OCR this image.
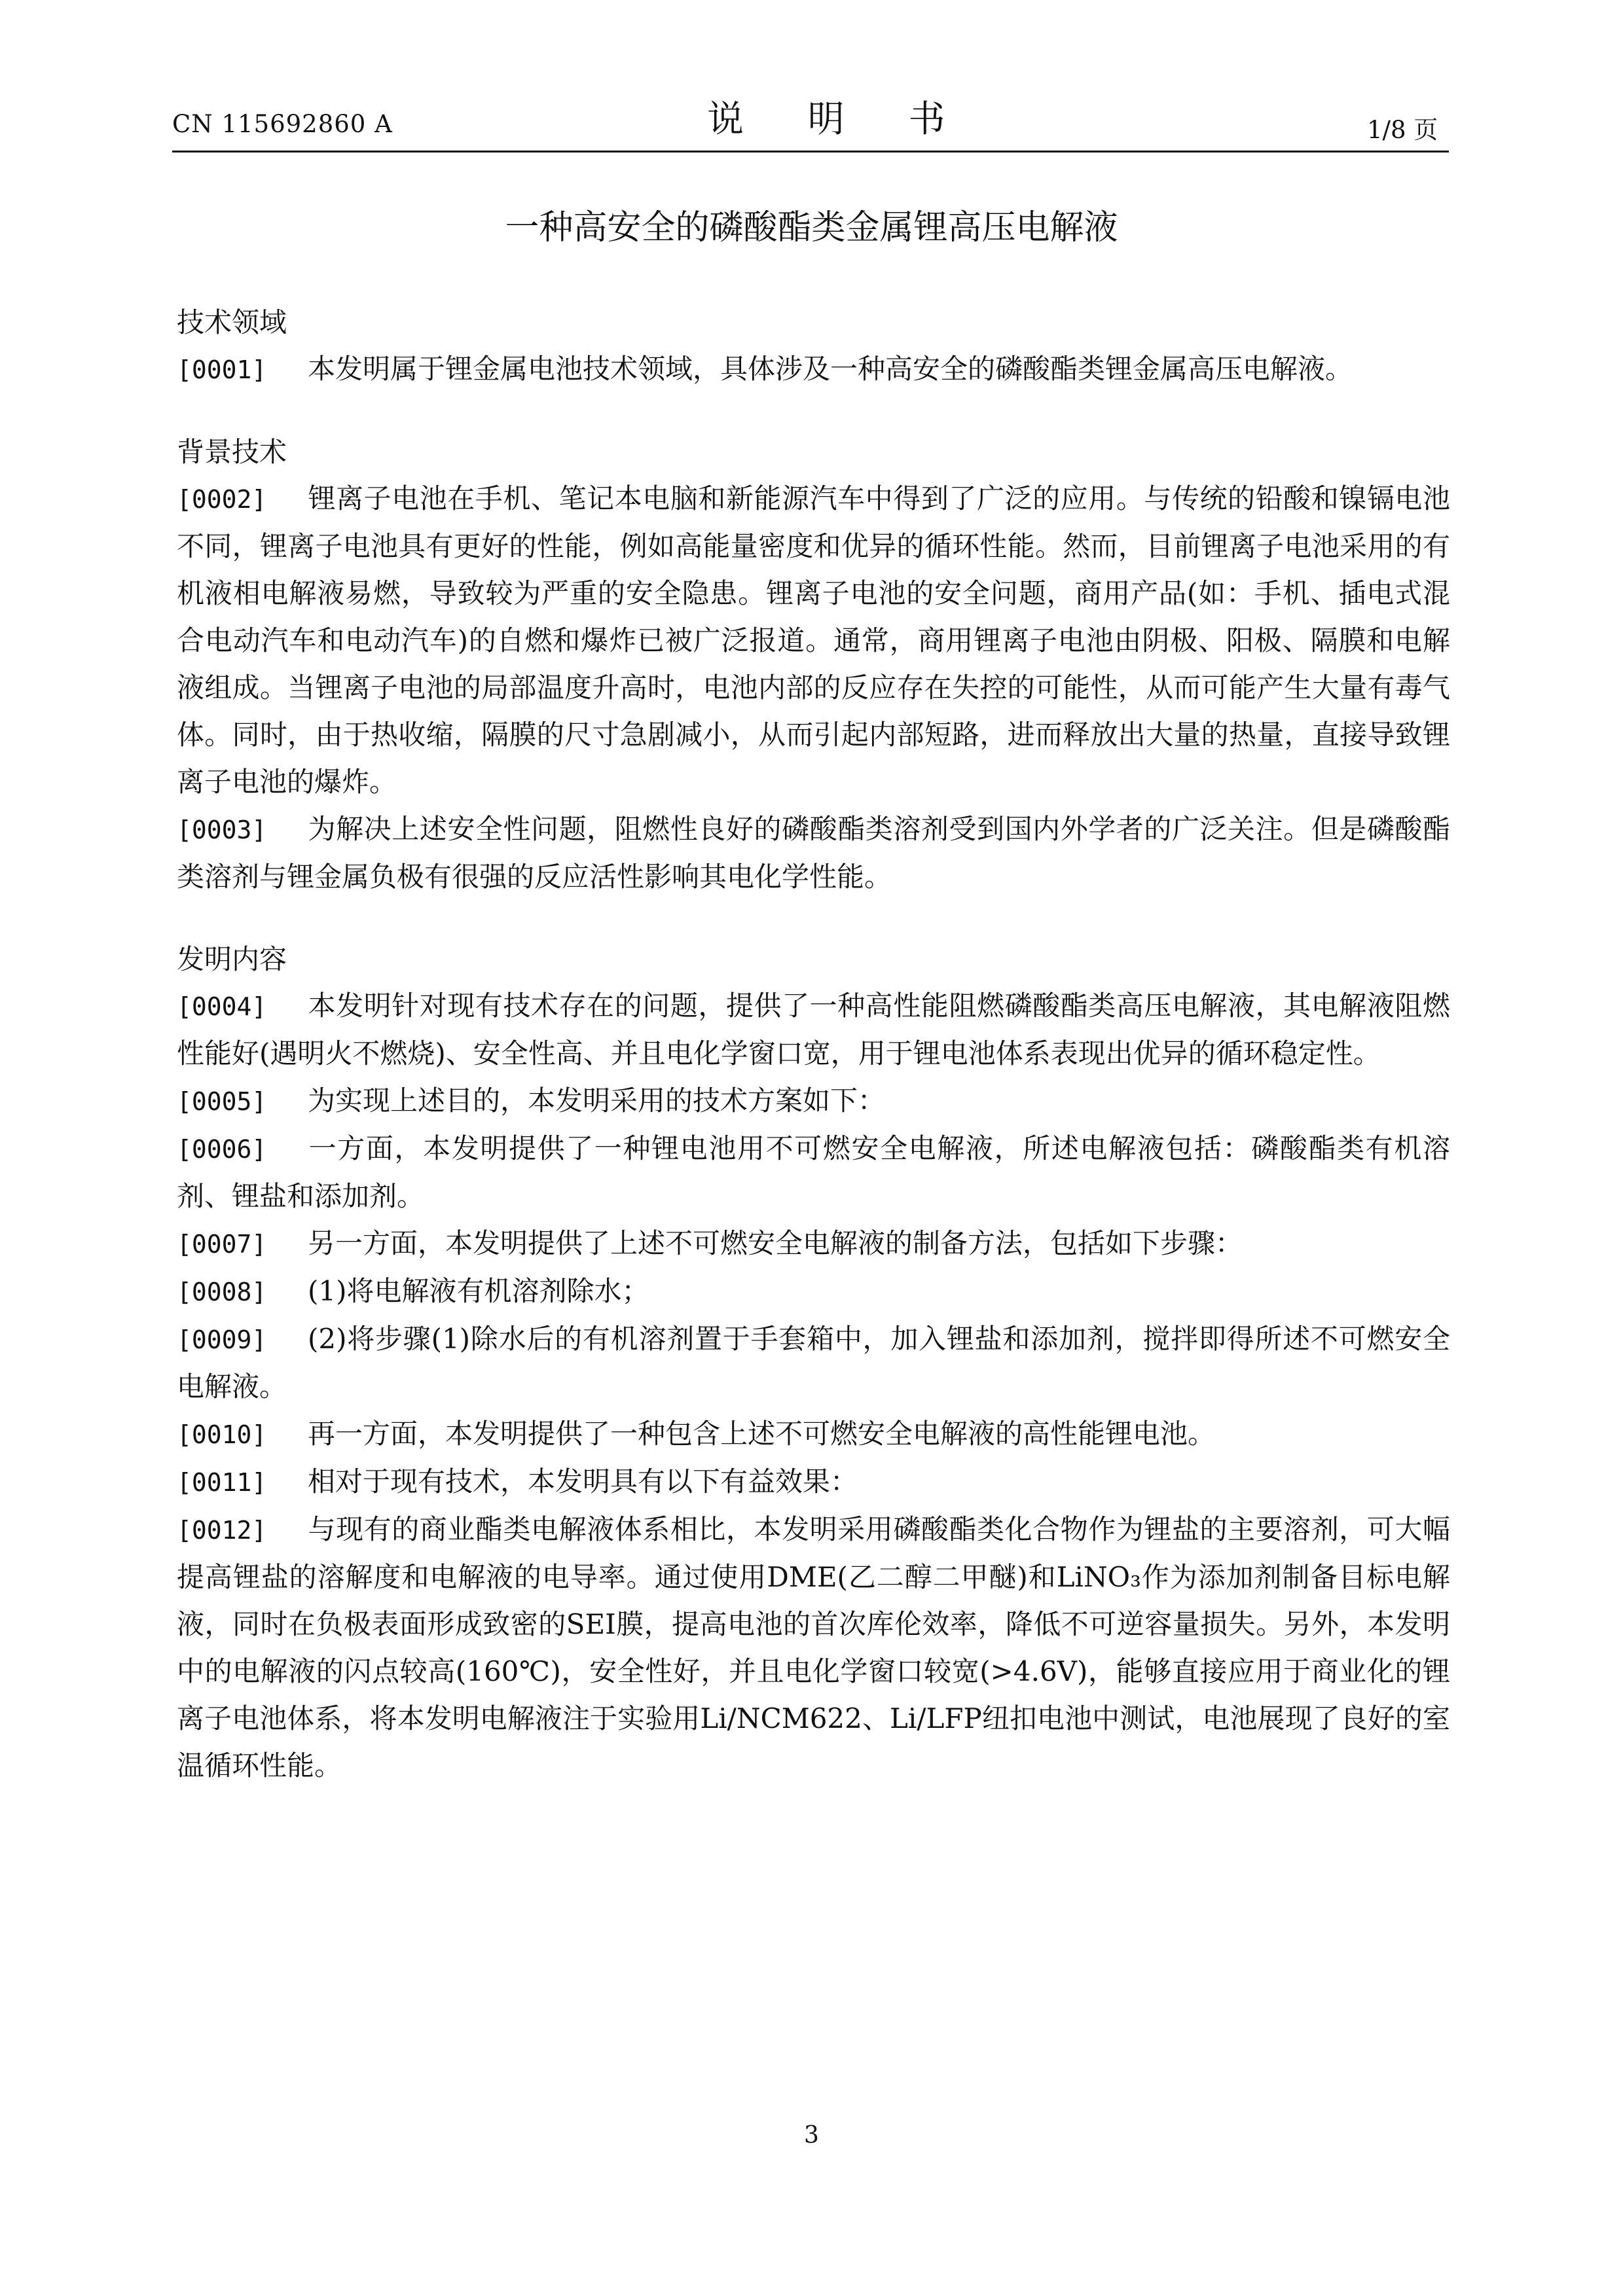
CN 115692860 A	说 明 书	1/8 页
一种高安全的磷酸酯类金属锂高压电解液
技术领域
[0001] 本发明属于锂金属电池技术领域，具体涉及一种高安全的磷酸酯类锂金属高压电解液。
背景技术
[0002] 锂离子电池在手机、笔记本电脑和新能源汽车中得到了广泛的应用。与传统的铅酸和镍镉电池不同，锂离子电池具有更好的性能，例如高能量密度和优异的循环性能。然而，目前锂离子电池采用的有机液相电解液易燃，导致较为严重的安全隐患。锂离子电池的安全问题，商用产品(如：手机、插电式混合电动汽车和电动汽车)的自燃和爆炸已被广泛报道。通常，商用锂离子电池由阴极、阳极、隔膜和电解液组成。当锂离子电池的局部温度升高时，电池内部的反应存在失控的可能性，从而可能产生大量有毒气体。同时，由于热收缩，隔膜的尺寸急剧减小，从而引起内部短路，进而释放出大量的热量，直接导致锂离子电池的爆炸。
[0003] 为解决上述安全性问题，阻燃性良好的磷酸酯类溶剂受到国内外学者的广泛关注。但是磷酸酯类溶剂与锂金属负极有很强的反应活性影响其电化学性能。
发明内容
[0004] 本发明针对现有技术存在的问题，提供了一种高性能阻燃磷酸酯类高压电解液，其电解液阻燃性能好(遇明火不燃烧)、安全性高、并且电化学窗口宽，用于锂电池体系表现出优异的循环稳定性。
[0005] 为实现上述目的，本发明采用的技术方案如下：
[0006] 一方面，本发明提供了一种锂电池用不可燃安全电解液，所述电解液包括：磷酸酯类有机溶剂、锂盐和添加剂。
[0007] 另一方面，本发明提供了上述不可燃安全电解液的制备方法，包括如下步骤：
[0008] (1)将电解液有机溶剂除水；
[0009] (2)将步骤(1)除水后的有机溶剂置于手套箱中，加入锂盐和添加剂，搅拌即得所述不可燃安全电解液。
[0010] 再一方面，本发明提供了一种包含上述不可燃安全电解液的高性能锂电池。
[0011] 相对于现有技术，本发明具有以下有益效果：
[0012] 与现有的商业酯类电解液体系相比，本发明采用磷酸酯类化合物作为锂盐的主要溶剂，可大幅提高锂盐的溶解度和电解液的电导率。通过使用DME(乙二醇二甲醚)和LiNO₃作为添加剂制备目标电解液，同时在负极表面形成致密的SEI膜，提高电池的首次库伦效率，降低不可逆容量损失。另外，本发明中的电解液的闪点较高(160℃)，安全性好，并且电化学窗口较宽(>4.6V)，能够直接应用于商业化的锂离子电池体系，将本发明电解液注于实验用Li/NCM622、Li/LFP纽扣电池中测试，电池展现了良好的室温循环性能。
3
